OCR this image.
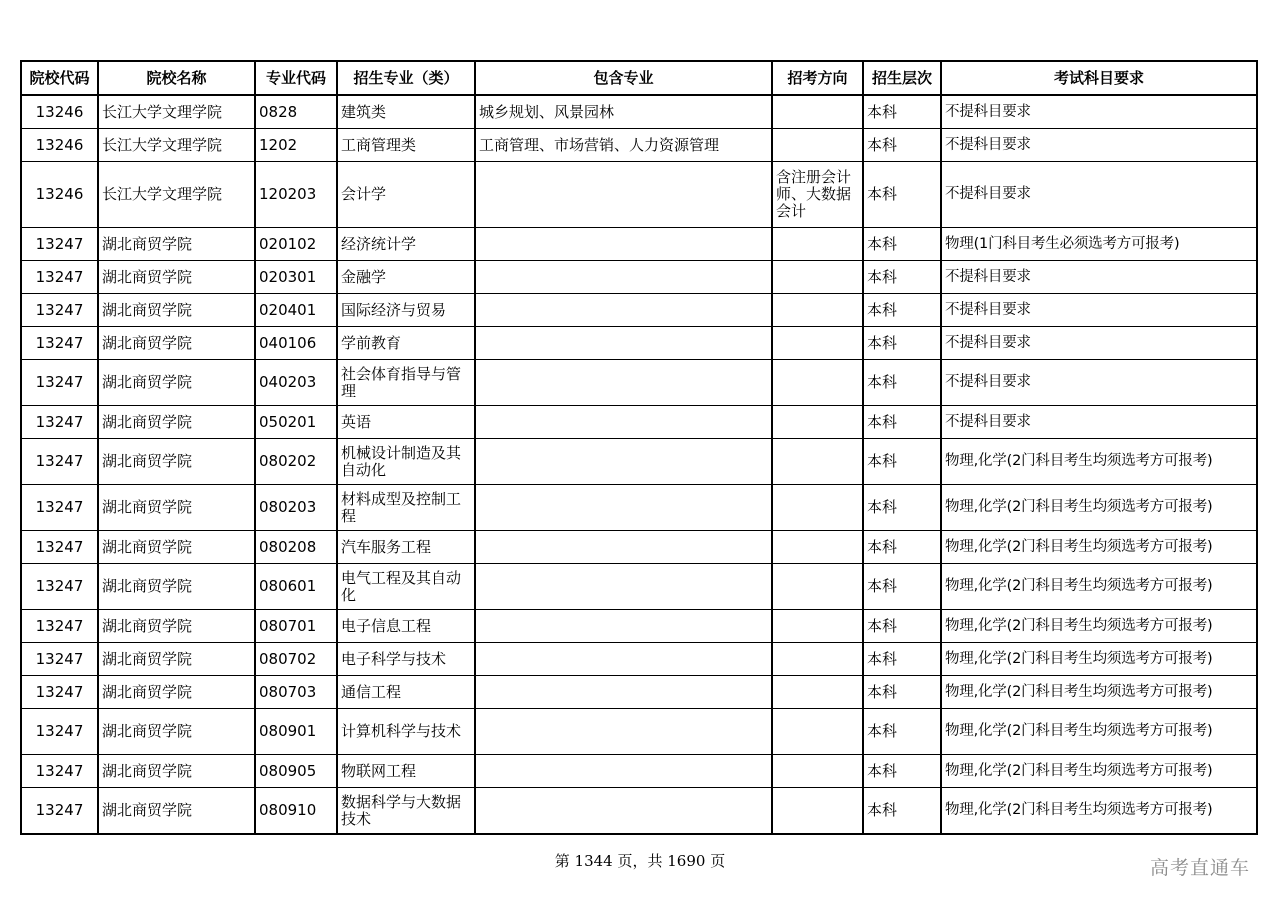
院校代码	院校名称	专业代码	招生专业（类）	包含专业	招考方向	招生层次	考试科目要求
13246	长江大学文理学院	0828	建筑类	城乡规划、风景园林		本科	不提科目要求
13246	长江大学文理学院	1202	工商管理类	工商管理、市场营销、人力资源管理		本科	不提科目要求
13246	长江大学文理学院	120203	会计学		含注册会计师、大数据会计	本科	不提科目要求
13247	湖北商贸学院	020102	经济统计学			本科	物理(1门科目考生必须选考方可报考)
13247	湖北商贸学院	020301	金融学			本科	不提科目要求
13247	湖北商贸学院	020401	国际经济与贸易			本科	不提科目要求
13247	湖北商贸学院	040106	学前教育			本科	不提科目要求
13247	湖北商贸学院	040203	社会体育指导与管理			本科	不提科目要求
13247	湖北商贸学院	050201	英语			本科	不提科目要求
13247	湖北商贸学院	080202	机械设计制造及其自动化			本科	物理,化学(2门科目考生均须选考方可报考)
13247	湖北商贸学院	080203	材料成型及控制工程			本科	物理,化学(2门科目考生均须选考方可报考)
13247	湖北商贸学院	080208	汽车服务工程			本科	物理,化学(2门科目考生均须选考方可报考)
13247	湖北商贸学院	080601	电气工程及其自动化			本科	物理,化学(2门科目考生均须选考方可报考)
13247	湖北商贸学院	080701	电子信息工程			本科	物理,化学(2门科目考生均须选考方可报考)
13247	湖北商贸学院	080702	电子科学与技术			本科	物理,化学(2门科目考生均须选考方可报考)
13247	湖北商贸学院	080703	通信工程			本科	物理,化学(2门科目考生均须选考方可报考)
13247	湖北商贸学院	080901	计算机科学与技术			本科	物理,化学(2门科目考生均须选考方可报考)
13247	湖北商贸学院	080905	物联网工程			本科	物理,化学(2门科目考生均须选考方可报考)
13247	湖北商贸学院	080910	数据科学与大数据技术			本科	物理,化学(2门科目考生均须选考方可报考)
第 1344 页，共 1690 页	高考直通车
